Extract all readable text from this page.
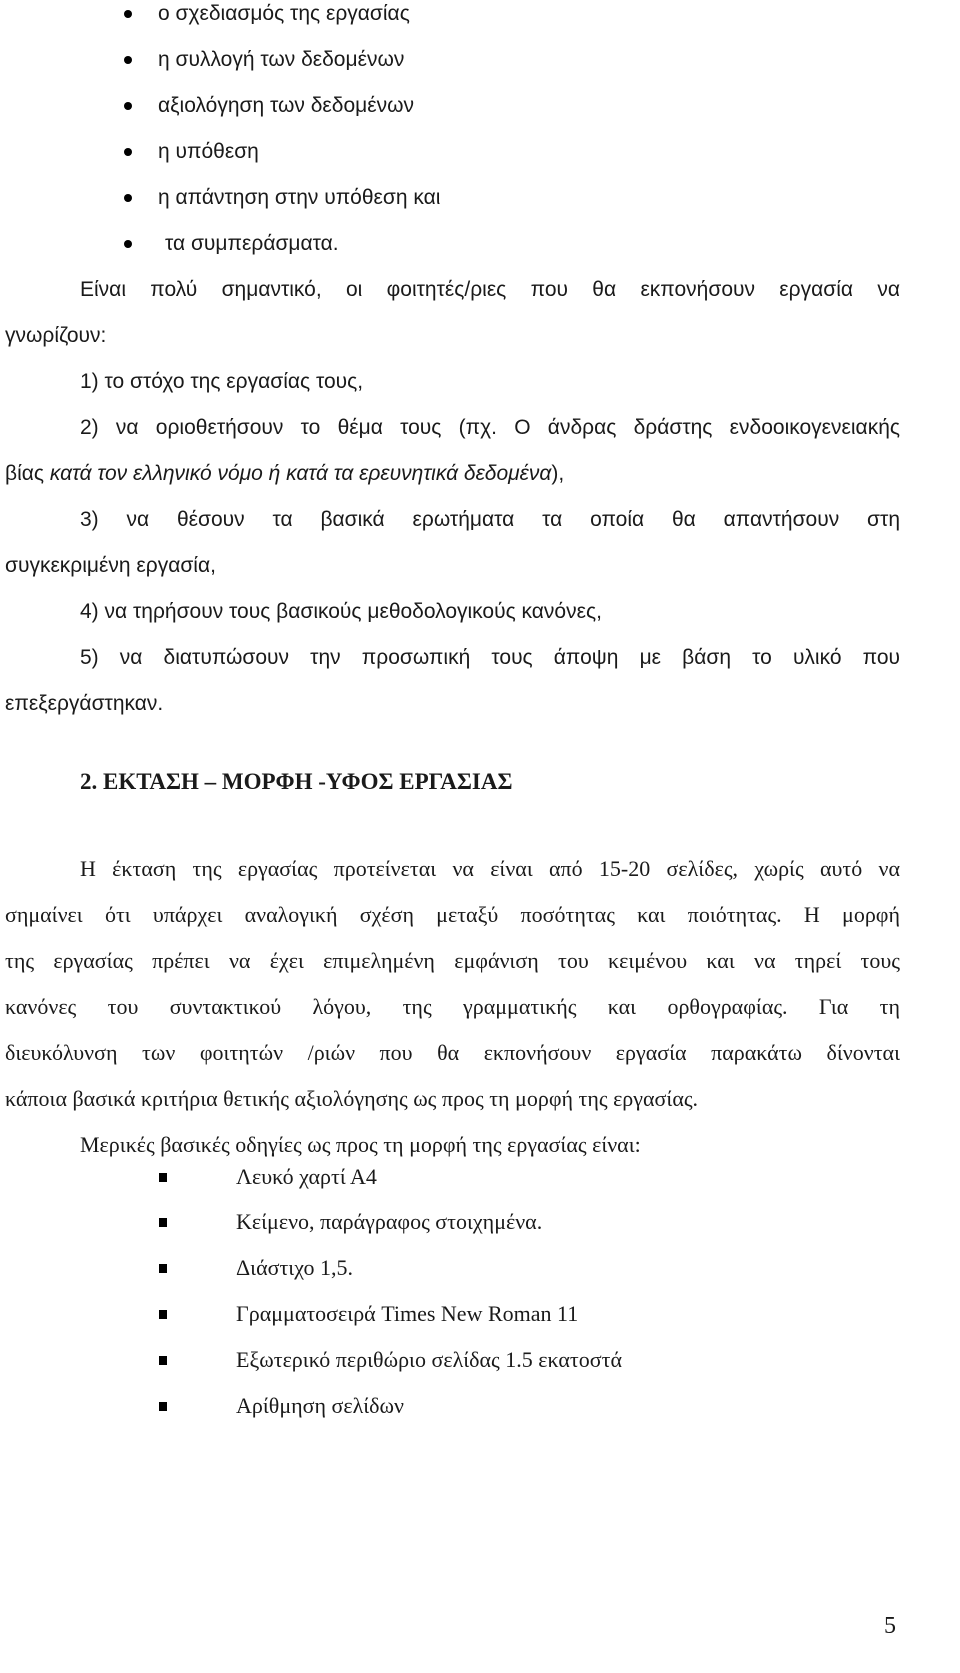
ο σχεδιασμός της εργασίας
η συλλογή των δεδομένων
αξιολόγηση των δεδομένων
η υπόθεση
η απάντηση στην υπόθεση και
τα συμπεράσματα.
Είναι πολύ σημαντικό, οι φοιτητές/ριες που θα εκπονήσουν εργασία να
γνωρίζουν:
1) το στόχο της εργασίας τους,
2) να οριοθετήσουν το θέμα τους (πχ. Ο άνδρας δράστης ενδοοικογενειακής
βίας κατά τον ελληνικό νόμο ή κατά τα ερευνητικά δεδομένα),
3) να θέσουν τα βασικά ερωτήματα τα οποία θα απαντήσουν στη
συγκεκριμένη εργασία,
4) να τηρήσουν τους βασικούς μεθοδολογικούς κανόνες,
5) να διατυπώσουν την προσωπική τους άποψη με βάση το υλικό που
επεξεργάστηκαν.
2. ΕΚΤΑΣΗ – ΜΟΡΦΗ -ΥΦΟΣ ΕΡΓΑΣΙΑΣ
Η έκταση της εργασίας προτείνεται να είναι από 15-20 σελίδες, χωρίς αυτό να
σημαίνει ότι υπάρχει αναλογική σχέση μεταξύ ποσότητας και ποιότητας. Η μορφή
της εργασίας πρέπει να έχει επιμελημένη εμφάνιση του κειμένου και να τηρεί τους
κανόνες του συντακτικού λόγου, της γραμματικής και ορθογραφίας. Για τη
διευκόλυνση των φοιτητών /ριών που θα εκπονήσουν εργασία παρακάτω δίνονται
κάποια βασικά κριτήρια θετικής αξιολόγησης ως προς τη μορφή της εργασίας.
Μερικές βασικές οδηγίες ως προς τη μορφή της εργασίας είναι:
Λευκό χαρτί Α4
Κείμενο, παράγραφος στοιχημένα.
Διάστιχο 1,5.
Γραμματοσειρά Times New Roman 11
Εξωτερικό περιθώριο σελίδας 1.5 εκατοστά
Αρίθμηση σελίδων
5
